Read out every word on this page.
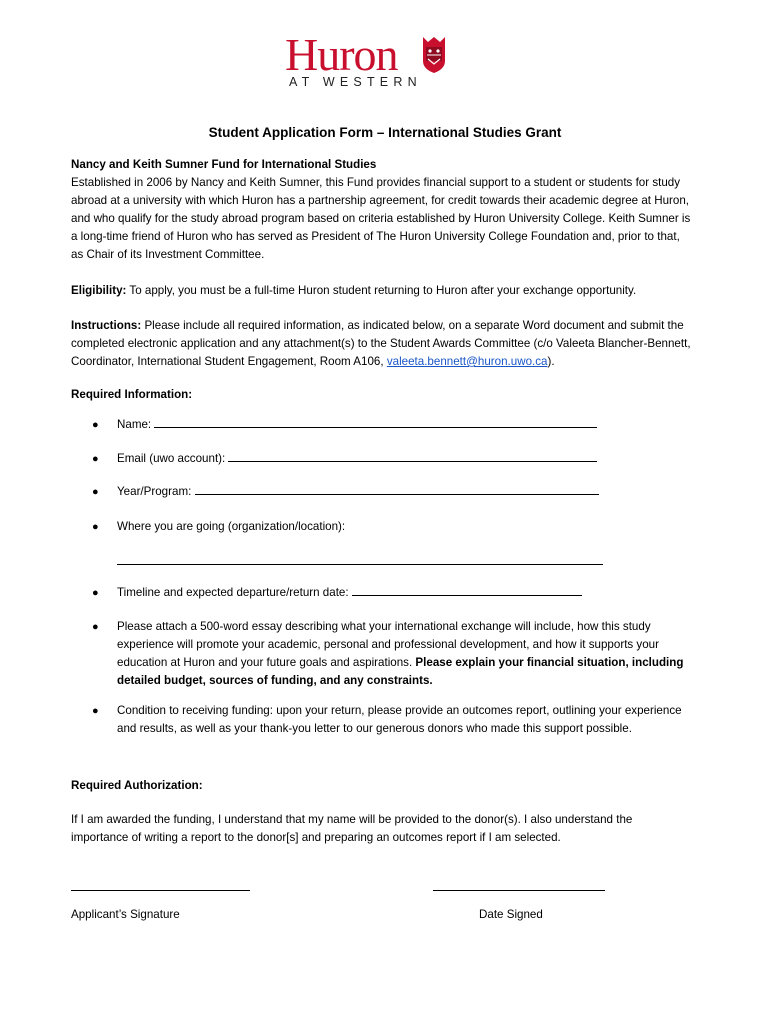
Huron
AT WESTERN
Student Application Form – International Studies Grant
Nancy and Keith Sumner Fund for International Studies
Established in 2006 by Nancy and Keith Sumner, this Fund provides financial support to a student or students for study abroad at a university with which Huron has a partnership agreement, for credit towards their academic degree at Huron, and who qualify for the study abroad program based on criteria established by Huron University College. Keith Sumner is a long-time friend of Huron who has served as President of The Huron University College Foundation and, prior to that, as Chair of its Investment Committee.
Eligibility: To apply, you must be a full-time Huron student returning to Huron after your exchange opportunity.
Instructions: Please include all required information, as indicated below, on a separate Word document and submit the completed electronic application and any attachment(s) to the Student Awards Committee (c/o Valeeta Blancher-Bennett, Coordinator, International Student Engagement, Room A106, valeeta.bennett@huron.uwo.ca).
Required Information:
● Name:
● Email (uwo account):
● Year/Program:
● Where you are going (organization/location):
● Timeline and expected departure/return date:
● Please attach a 500-word essay describing what your international exchange will include, how this study experience will promote your academic, personal and professional development, and how it supports your education at Huron and your future goals and aspirations. Please explain your financial situation, including detailed budget, sources of funding, and any constraints.
● Condition to receiving funding: upon your return, please provide an outcomes report, outlining your experience and results, as well as your thank-you letter to our generous donors who made this support possible.
Required Authorization:
If I am awarded the funding, I understand that my name will be provided to the donor(s). I also understand the importance of writing a report to the donor[s] and preparing an outcomes report if I am selected.
Applicant’s Signature	Date Signed
